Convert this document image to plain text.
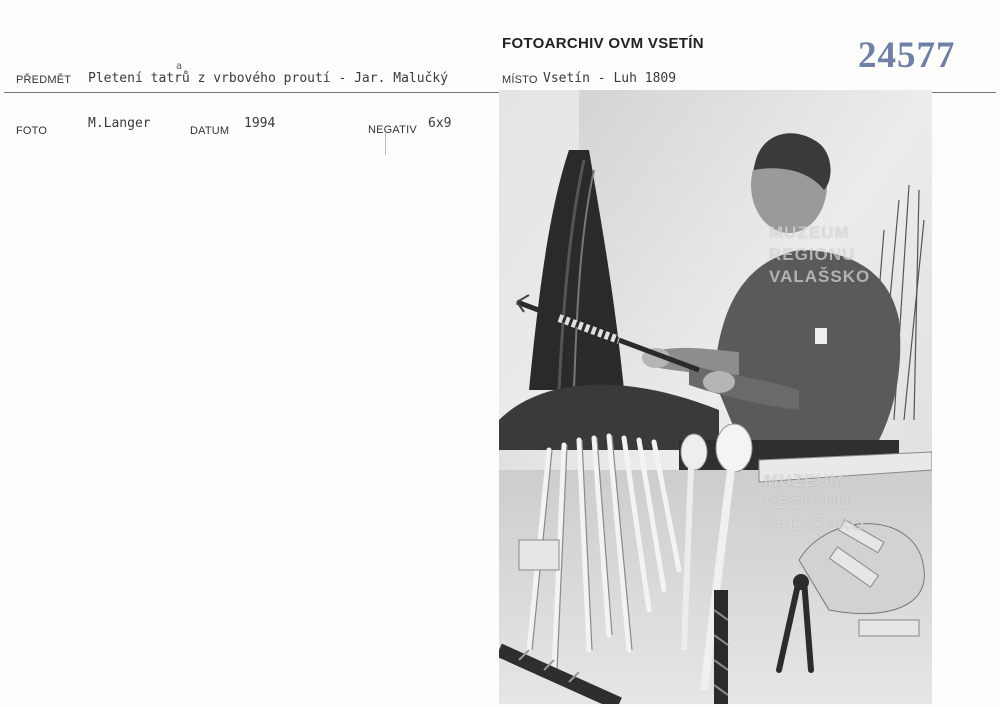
FOTOARCHIV OVM VSETÍN	24577
PŘEDMĚT Pletení tatrů z vrbového proutí - Jar. Malučký
a
MÍSTO Vsetín - Luh 1809
FOTO	M.Langer	DATUM 1994	NEGATIV 6x9
MUZEUM
REGIONU
VALAŠSKO
MUZEUM
REGIONU
VALAŠSKO
